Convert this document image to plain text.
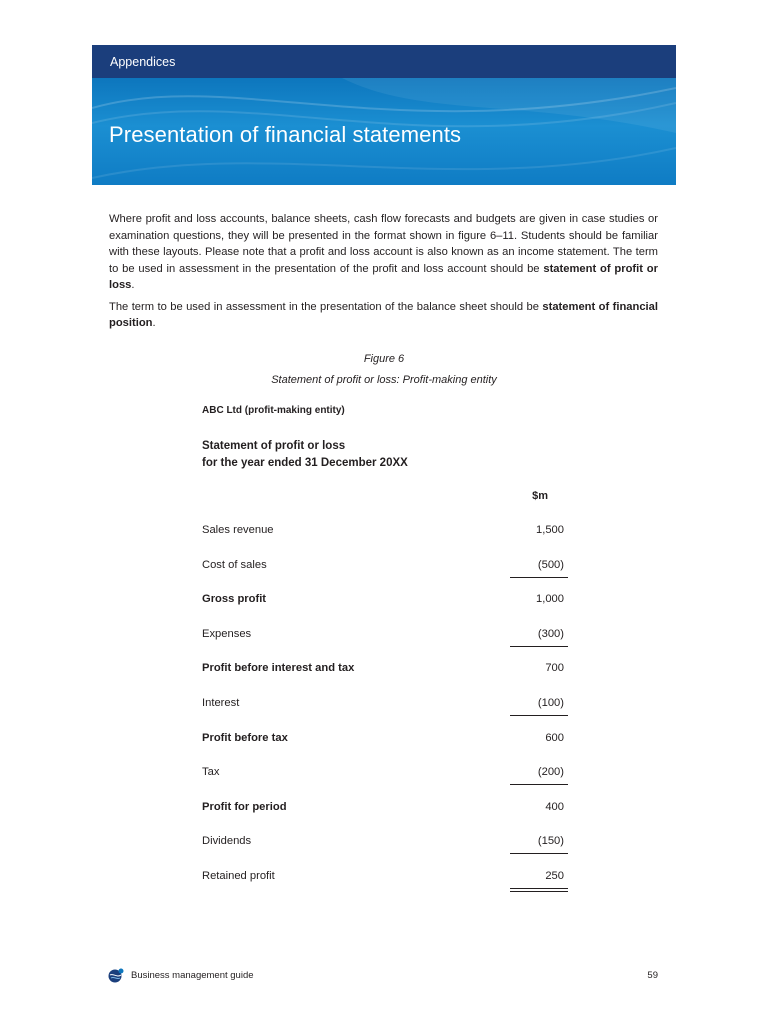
Appendices
Presentation of financial statements

Where profit and loss accounts, balance sheets, cash flow forecasts and budgets are given in case studies or examination questions, they will be presented in the format shown in figure 6–11. Students should be familiar with these layouts. Please note that a profit and loss account is also known as an income statement. The term to be used in assessment in the presentation of the profit and loss account should be statement of profit or loss.

The term to be used in assessment in the presentation of the balance sheet should be statement of financial position.

Figure 6
Statement of profit or loss: Profit-making entity
ABC Ltd (profit-making entity)
Statement of profit or loss
for the year ended 31 December 20XX
$m
Sales revenue	1,500
Cost of sales	(500)
Gross profit	1,000
Expenses	(300)
Profit before interest and tax	700
Interest	(100)
Profit before tax	600
Tax	(200)
Profit for period	400
Dividends	(150)
Retained profit	250
Business management guide	59
